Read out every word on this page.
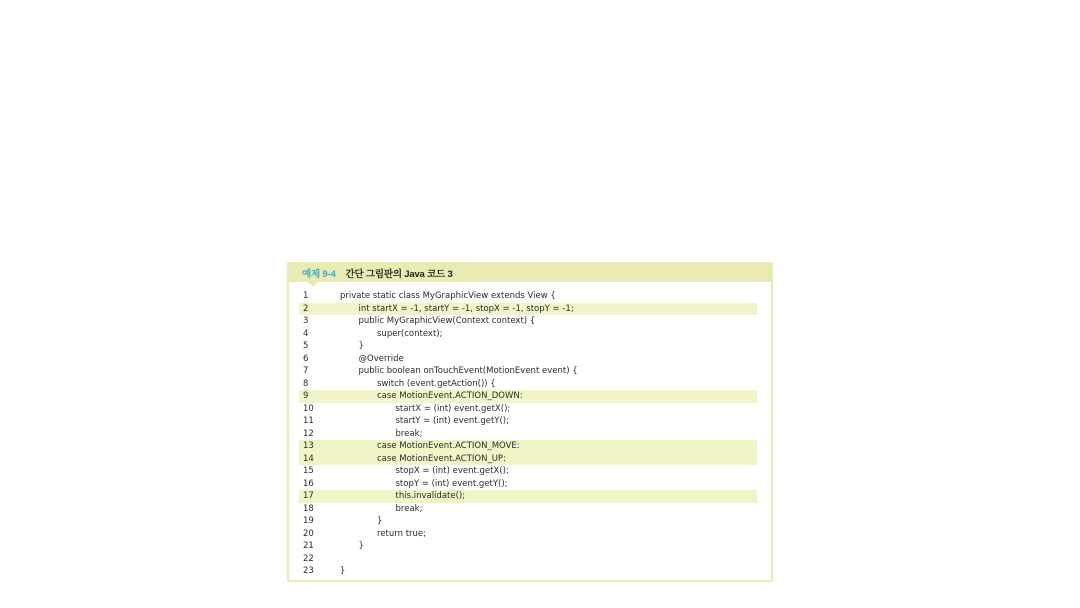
예제 9-4 간단 그림판의 Java 코드 3
1	private static class MyGraphicView extends View {
2	int startX = -1, startY = -1, stopX = -1, stopY = -1;
3	public MyGraphicView(Context context) {
4	super(context);
5	}
6	@Override
7	public boolean onTouchEvent(MotionEvent event) {
8	switch (event.getAction()) {
9	case MotionEvent.ACTION_DOWN:
10	startX = (int) event.getX();
11	startY = (int) event.getY();
12	break;
13	case MotionEvent.ACTION_MOVE:
14	case MotionEvent.ACTION_UP:
15	stopX = (int) event.getX();
16	stopY = (int) event.getY();
17	this.invalidate();
18	break;
19	}
20	return true;
21	}
22
23	}
